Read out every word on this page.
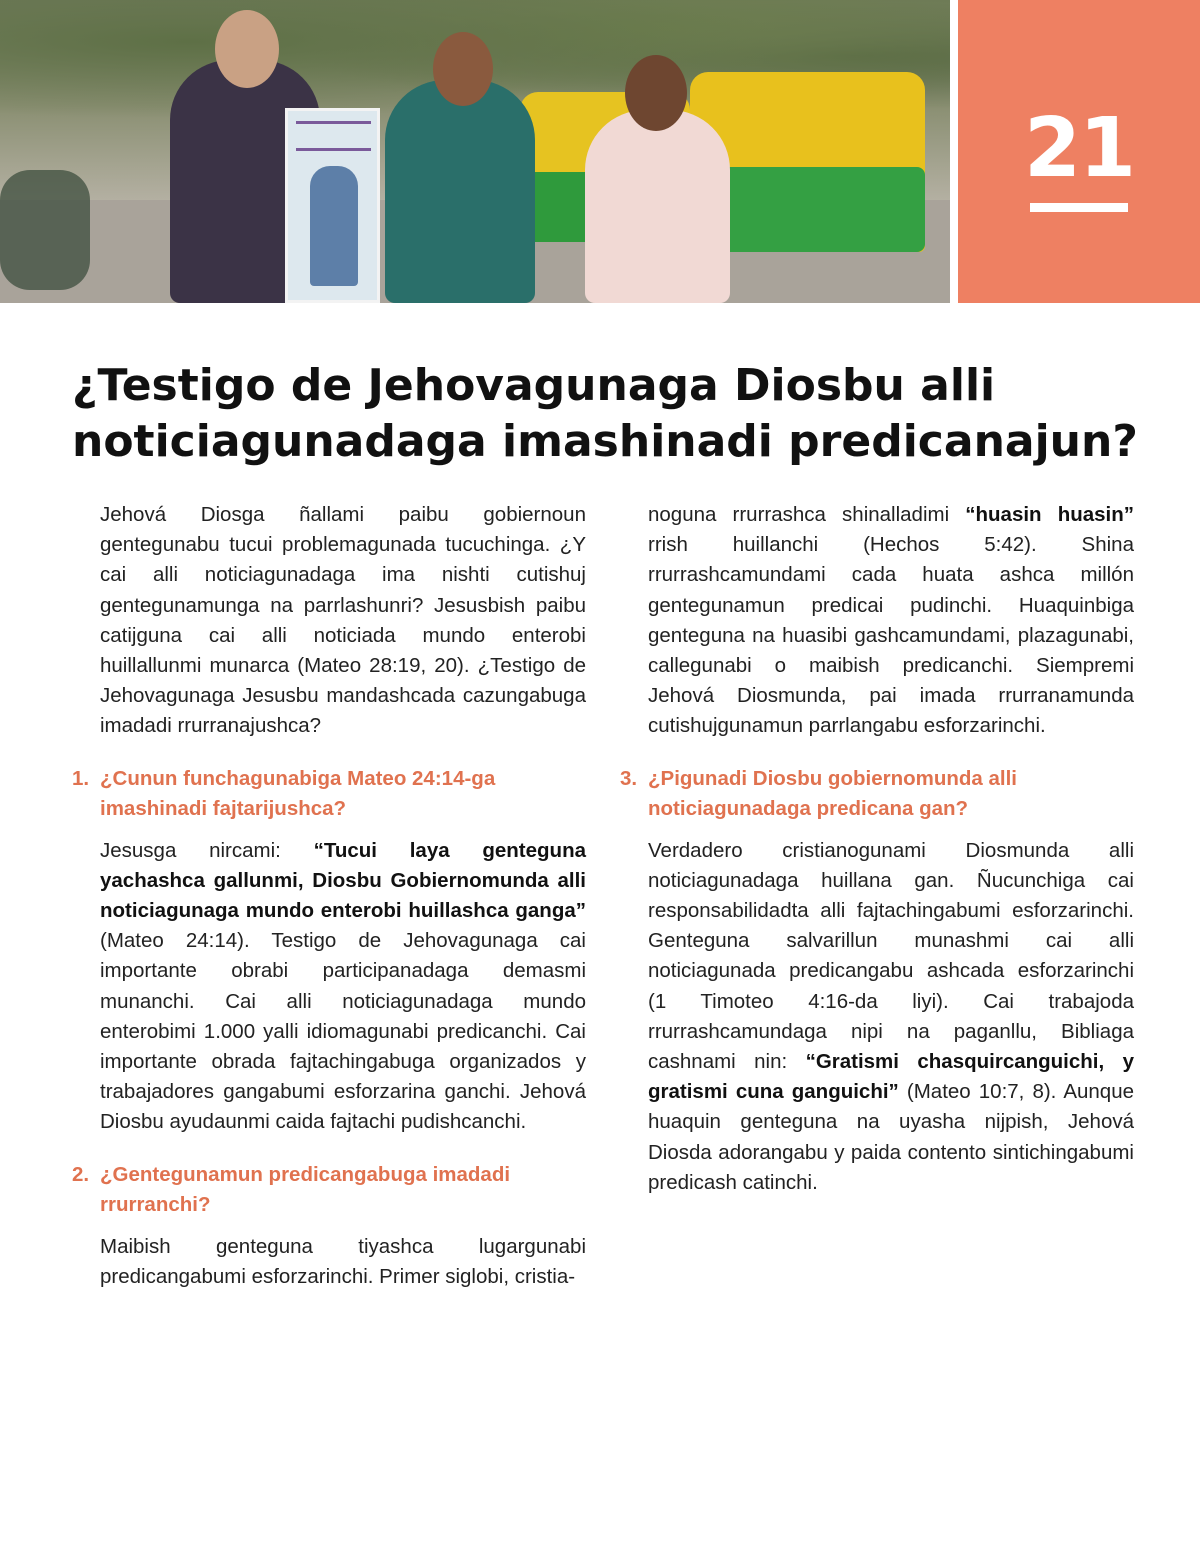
21
¿Testigo de Jehovagunaga Diosbu alli noticiagunadaga imashinadi predicanajun?

Jehová Diosga ñallami paibu gobiernoun gentegunabu tucui problemagunada tucuchinga. ¿Y cai alli noticiagunadaga ima nishti cutishuj gentegunamunga na parrlashunri? Jesusbish paibu catijguna cai alli noticiada mundo enterobi huillallunmi munarca (Mateo 28:19, 20). ¿Testigo de Jehovagunaga Jesusbu mandashcada cazungabuga imadadi rrurranajushca?

1. ¿Cunun funchagunabiga Mateo 24:14-ga imashinadi fajtarijushca?

Jesusga nircami: “Tucui laya genteguna yachashca gallunmi, Diosbu Gobiernomunda alli noticiagunaga mundo enterobi huillashca ganga” (Mateo 24:14). Testigo de Jehovagunaga cai importante obrabi participanadaga demasmi munanchi. Cai alli noticiagunadaga mundo enterobimi 1.000 yalli idiomagunabi predicanchi. Cai importante obrada fajtachingabuga organizados y trabajadores gangabumi esforzarina ganchi. Jehová Diosbu ayudaunmi caida fajtachi pudishcanchi.

2. ¿Gentegunamun predicangabuga imadadi rrurranchi?

Maibish genteguna tiyashca lugargunabi predicangabumi esforzarinchi. Primer siglobi, cristia-

noguna rrurrashca shinalladimi “huasin huasin” rrish huillanchi (Hechos 5:42). Shina rrurrashcamundami cada huata ashca millón gentegunamun predicai pudinchi. Huaquinbiga genteguna na huasibi gashcamundami, plazagunabi, callegunabi o maibish predicanchi. Siempremi Jehová Diosmunda, pai imada rrurranamunda cutishujgunamun parrlangabu esforzarinchi.

3. ¿Pigunadi Diosbu gobiernomunda alli noticiagunadaga predicana gan?

Verdadero cristianogunami Diosmunda alli noticiagunadaga huillana gan. Ñucunchiga cai responsabilidadta alli fajtachingabumi esforzarinchi. Genteguna salvarillun munashmi cai alli noticiagunada predicangabu ashcada esforzarinchi (1 Timoteo 4:16-da liyi). Cai trabajoda rrurrashcamundaga nipi na paganllu, Bibliaga cashnami nin: “Gratismi chasquircanguichi, y gratismi cuna ganguichi” (Mateo 10:7, 8). Aunque huaquin genteguna na uyasha nijpish, Jehová Diosda adorangabu y paida contento sintichingabumi predicash catinchi.
